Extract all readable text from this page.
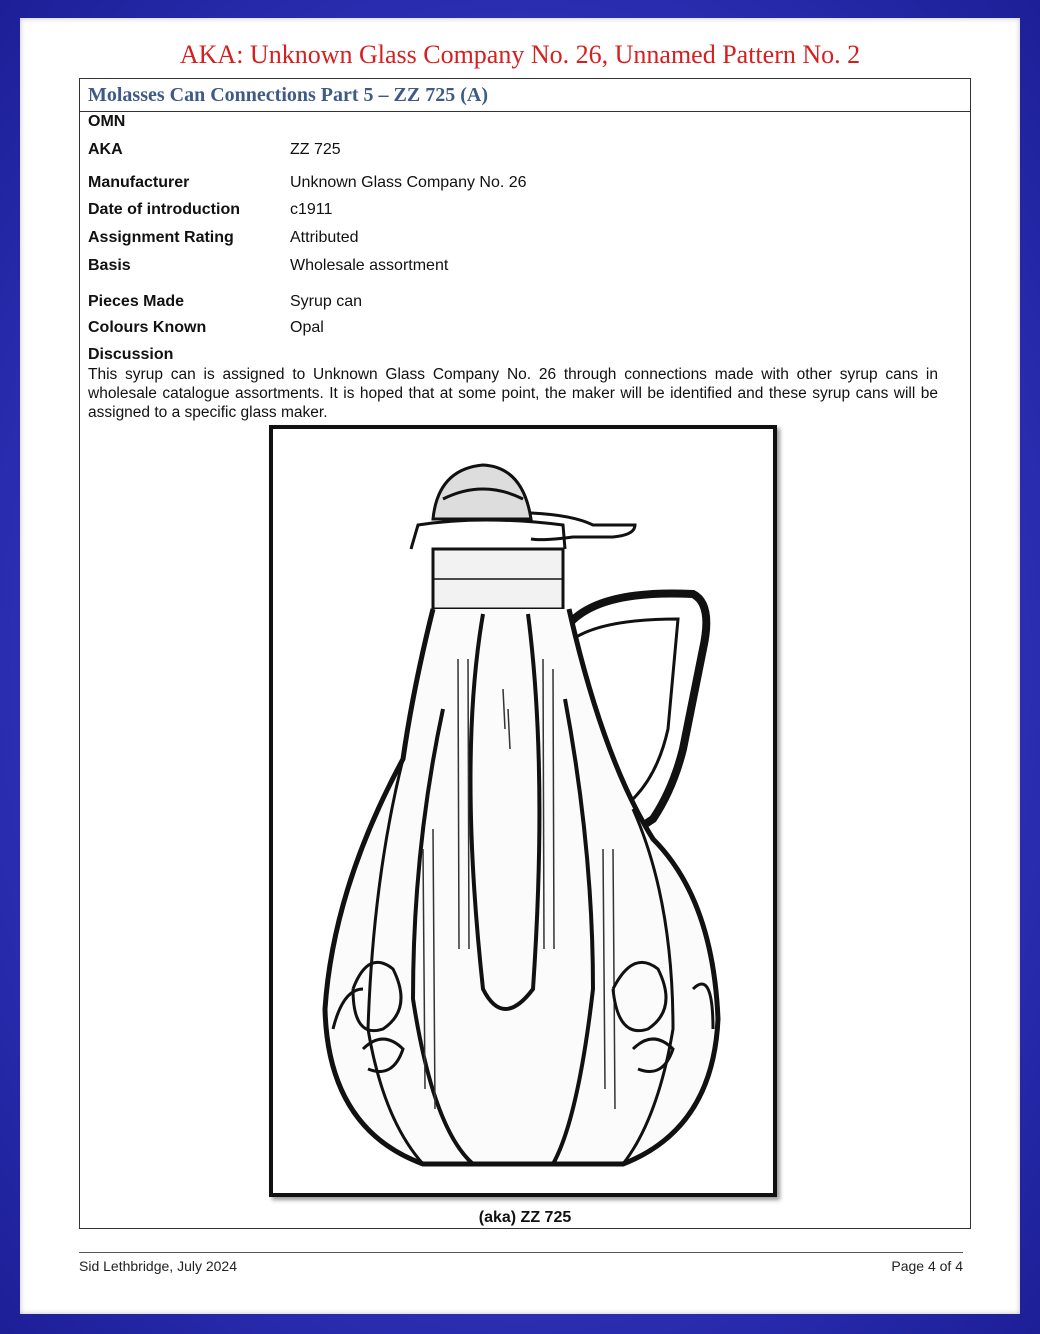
AKA: Unknown Glass Company No. 26, Unnamed Pattern No. 2
Molasses Can Connections Part 5 – ZZ 725 (A)
OMN
AKA	ZZ 725
Manufacturer	Unknown Glass Company No. 26
Date of introduction	c1911
Assignment Rating	Attributed
Basis	Wholesale assortment
Pieces Made	Syrup can
Colours Known	Opal
Discussion
This syrup can is assigned to Unknown Glass Company No. 26 through connections made with other syrup cans in wholesale catalogue assortments. It is hoped that at some point, the maker will be identified and these syrup cans will be assigned to a specific glass maker.
(aka) ZZ 725
Sid Lethbridge, July 2024	Page 4 of 4
